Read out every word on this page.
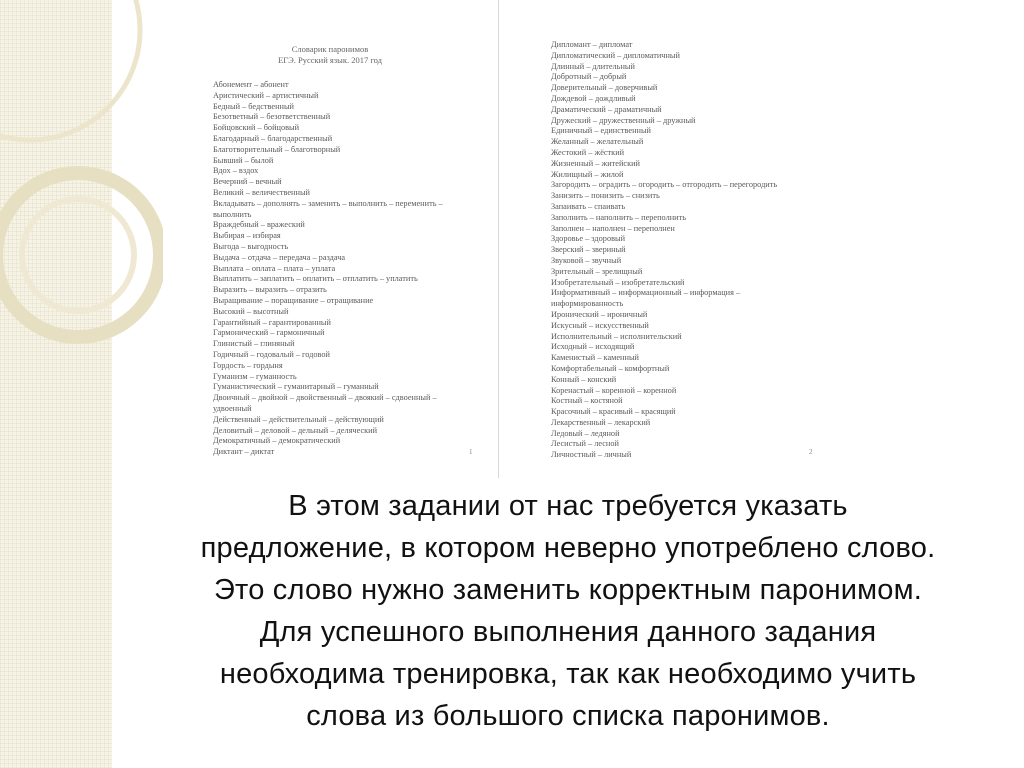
Словарик паронимов
ЕГЭ. Русский язык. 2017 год
Абонемент – абонент
Аристический – артистичный
Бедный – бедственный
Безответный – безответственный
Бойцовский – бойцовый
Благодарный – благодарственный
Благотворительный – благотворный
Бывший – былой
Вдох – вздох
Вечерний – вечный
Великий – величественный
Вкладывать – дополнять – заменить – выполнить – переменить –
выполнить
Враждебный – вражеский
Выбирая – избирая
Выгода – выгодность
Выдача – отдача – передача – раздача
Выплата – оплата – плата – уплата
Выплатить – заплатить – оплатить – отплатить – уплатить
Выразить – выразить – отразить
Выращивание – поращивание – отращивание
Высокий – высотный
Гарантийный – гарантированный
Гармонический – гармоничный
Глинистый – глиняный
Годичный – годовалый – годовой
Гордость – гордыня
Гуманизм – гуманность
Гуманистический – гуманитарный – гуманный
Двоичный – двойной – двойственный – двоякий – сдвоенный –
удвоенный
Действенный – действительный – действующий
Деловитый – деловой – дельный – деляческий
Демократичный – демократический
Диктант – диктат	1
Дипломант – дипломат
Дипломатический – дипломатичный
Длинный – длительный
Добротный – добрый
Доверительный – доверчивый
Дождевой – дождливый
Драматический – драматичный
Дружеский – дружественный – дружный
Единичный – единственный
Желанный – желательный
Жестокий – жёсткий
Жизненный – житейский
Жилищный – жилой
Загородить – оградить – огородить – отгородить – перегородить
Занизить – понизить – снизить
Запаивать – спаивать
Заполнить – наполнить – переполнить
Заполнен – наполнен – переполнен
Здоровье – здоровый
Зверский – звериный
Звуковой – звучный
Зрительный – зрелищный
Изобретательный – изобретательский
Информативный – информационный – информация –
информированность
Иронический – ироничный
Искусный – искусственный
Исполнительный – исполнительский
Исходный – исходящий
Каменистый – каменный
Комфортабельный – комфортный
Конный – конский
Коренастый – коренной – коренной
Костный – костяной
Красочный – красивый – красящий
Лекарственный – лекарский
Ледовый – ледяной
Лесистый – лесной
Личностный – личный	2
В этом задании от нас требуется указать
предложение, в котором неверно употреблено слово.
Это слово нужно заменить корректным паронимом.
Для успешного выполнения данного задания
необходима тренировка, так как необходимо учить
слова из большого списка паронимов.
